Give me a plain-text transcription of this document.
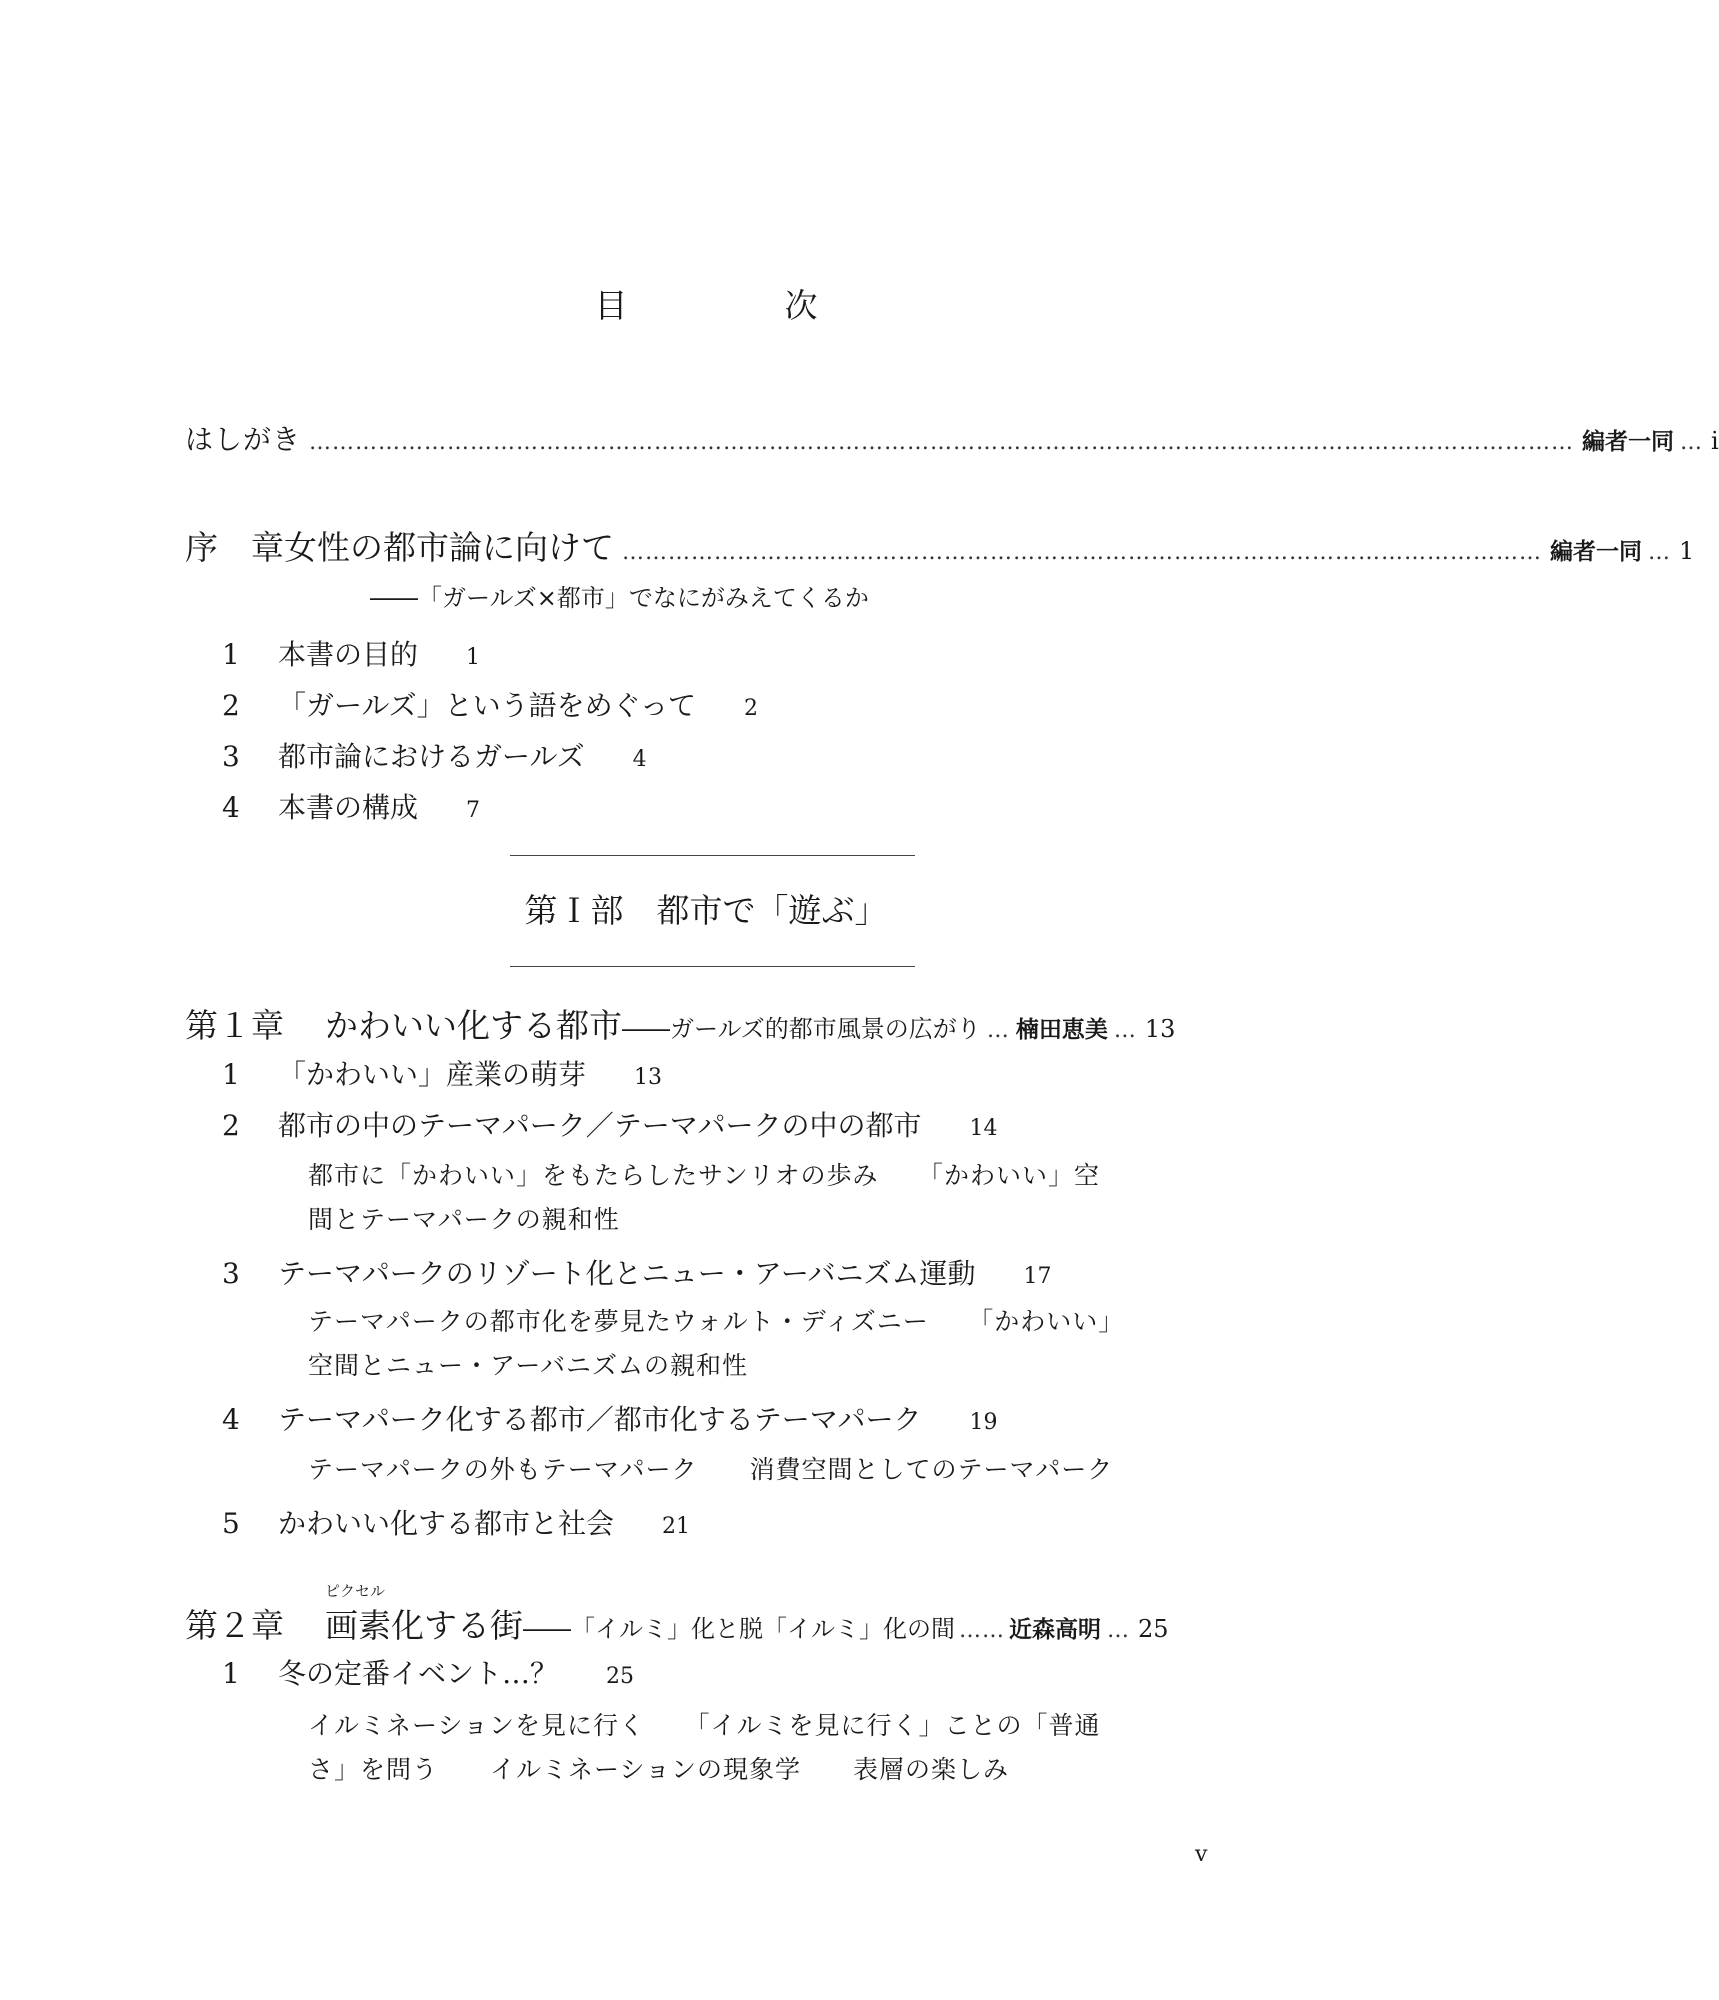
目　次
はしがき ………………………………………………………………………………………………………………………………………………… 編者一同 … i
序　章 女性の都市論に向けて ………………………………………………………………………………………………………… 編者一同 … 1
――「ガールズ×都市」でなにがみえてくるか
1 本書の目的 1
2 「ガールズ」という語をめぐって 2
3 都市論におけるガールズ 4
4 本書の構成 7
第Ｉ部　都市で「遊ぶ」
第１章	かわいい化する都市 ――ガールズ的都市風景の広がり … 楠田恵美 … 13
1 「かわいい」産業の萌芽 13
2 都市の中のテーマパーク／テーマパークの中の都市 14
都市に「かわいい」をもたらしたサンリオの歩み　　「かわいい」空
間とテーマパークの親和性
3 テーマパークのリゾート化とニュー・アーバニズム運動 17
テーマパークの都市化を夢見たウォルト・ディズニー　　「かわいい」
空間とニュー・アーバニズムの親和性
4 テーマパーク化する都市／都市化するテーマパーク 19
テーマパークの外もテーマパーク　　消費空間としてのテーマパーク
5 かわいい化する都市と社会 21
ピクセル
第２章	画素 化する街 ――「イルミ」化と脱「イルミ」化の間 …… 近森高明 … 25
1 冬の定番イベント…？ 25
イルミネーションを見に行く　　「イルミを見に行く」ことの「普通
さ」を問う　　イルミネーションの現象学　　表層の楽しみ
v
